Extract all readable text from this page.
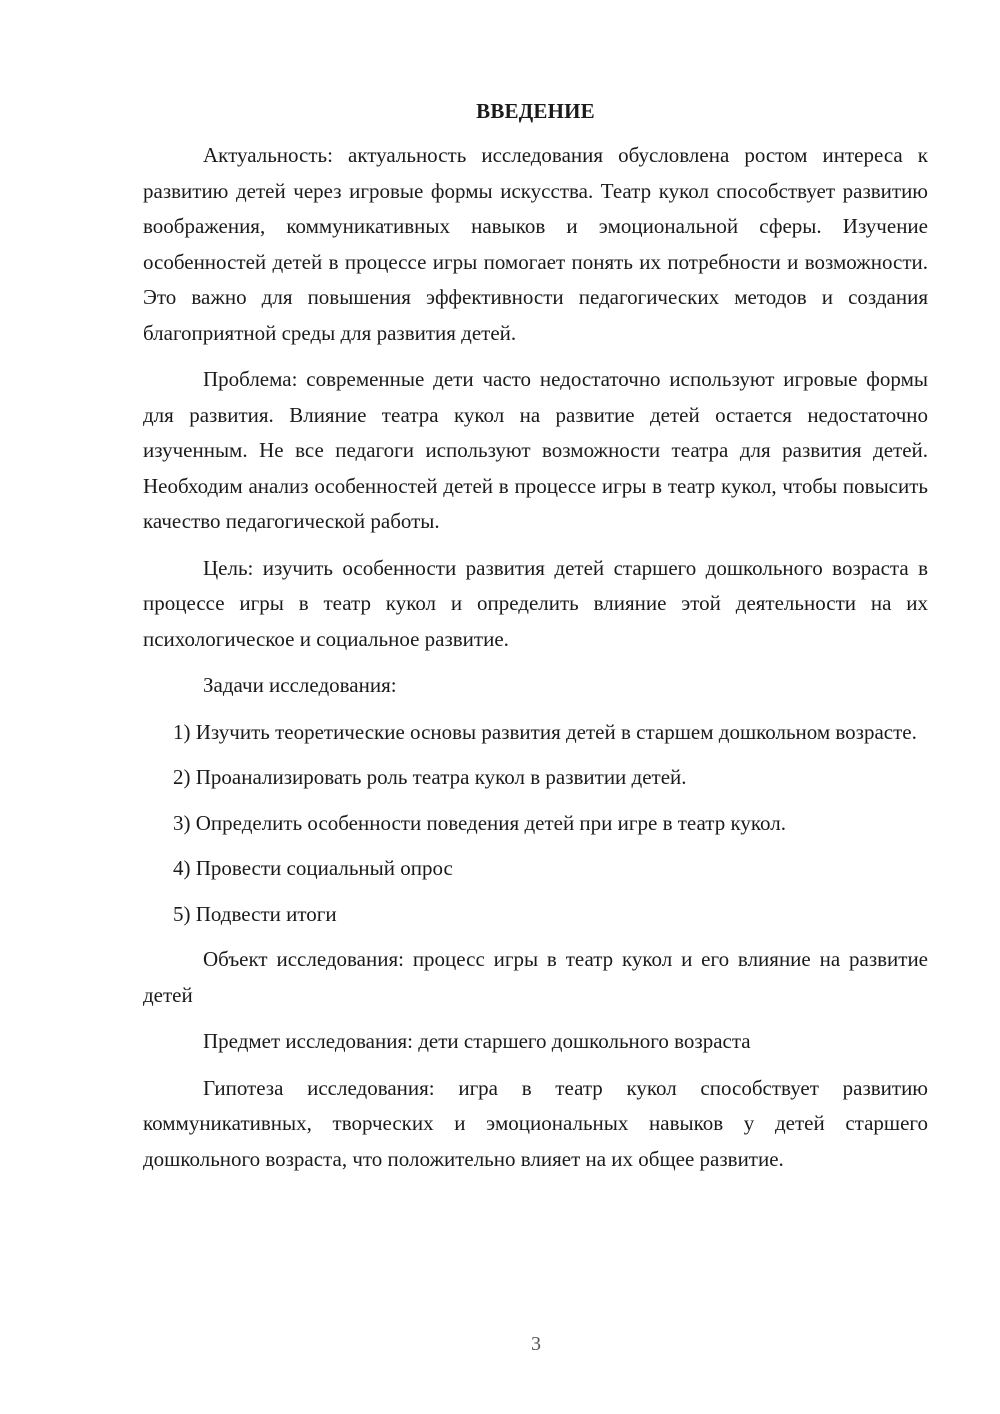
ВВЕДЕНИЕ

Актуальность: актуальность исследования обусловлена ростом интереса к развитию детей через игровые формы искусства. Театр кукол способствует развитию воображения, коммуникативных навыков и эмоциональной сферы. Изучение особенностей детей в процессе игры помогает понять их потребности и возможности. Это важно для повышения эффективности педагогических методов и создания благоприятной среды для развития детей.

Проблема: современные дети часто недостаточно используют игровые формы для развития. Влияние театра кукол на развитие детей остается недостаточно изученным. Не все педагоги используют возможности театра для развития детей. Необходим анализ особенностей детей в процессе игры в театр кукол, чтобы повысить качество педагогической работы.

Цель: изучить особенности развития детей старшего дошкольного возраста в процессе игры в театр кукол и определить влияние этой деятельности на их психологическое и социальное развитие.

Задачи исследования:

1) Изучить теоретические основы развития детей в старшем дошкольном возрасте.

2) Проанализировать роль театра кукол в развитии детей.

3) Определить особенности поведения детей при игре в театр кукол.

4) Провести социальный опрос

5) Подвести итоги

Объект исследования: процесс игры в театр кукол и его влияние на развитие детей

Предмет исследования: дети старшего дошкольного возраста

Гипотеза исследования: игра в театр кукол способствует развитию коммуникативных, творческих и эмоциональных навыков у детей старшего дошкольного возраста, что положительно влияет на их общее развитие.

3
